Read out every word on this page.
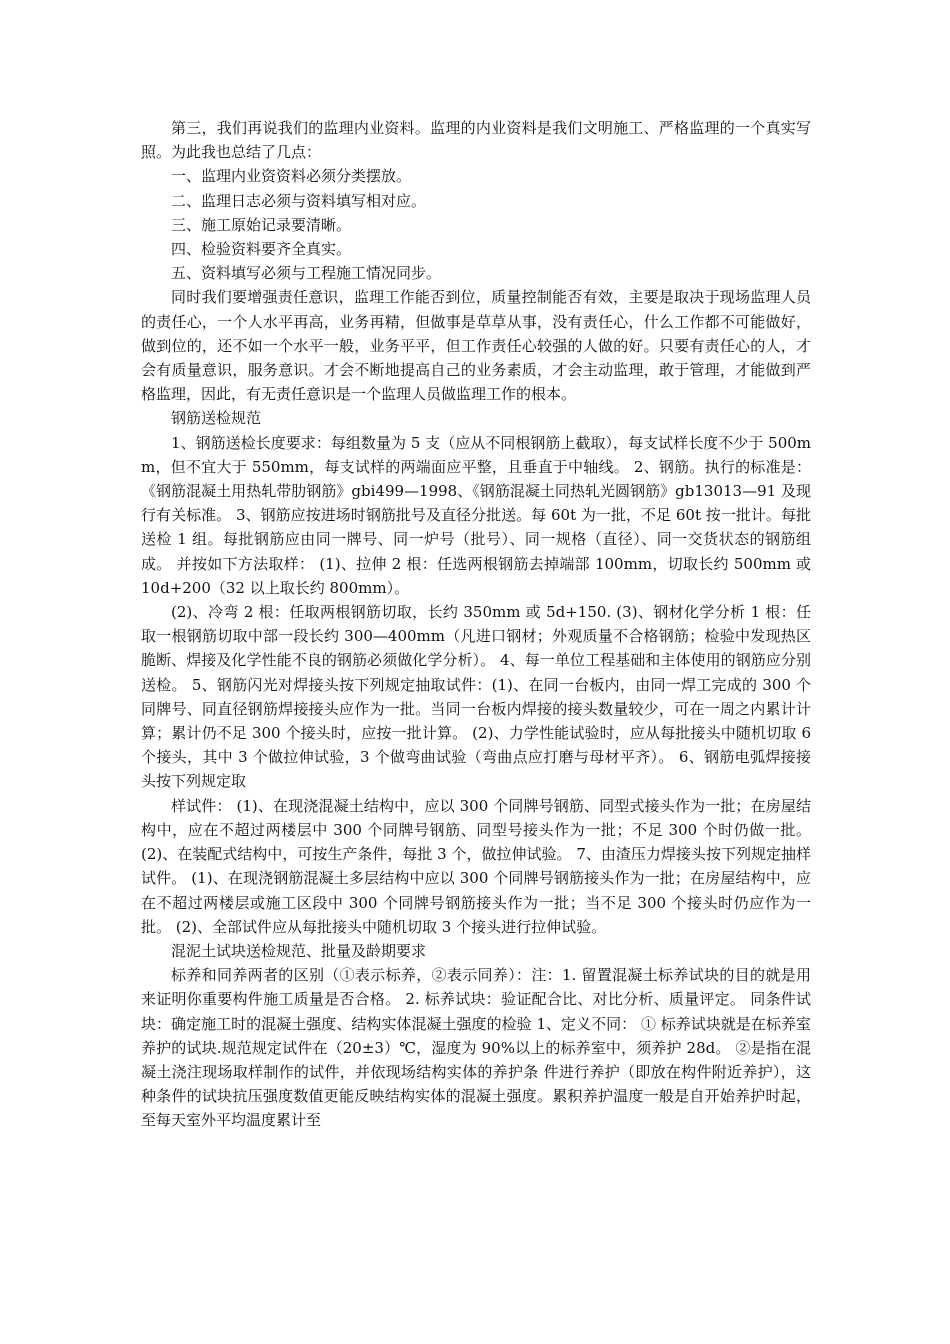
第三，我们再说我们的监理内业资料。监理的内业资料是我们文明施工、严格监理的一个真实写照。为此我也总结了几点：

一、监理内业资资料必须分类摆放。

二、监理日志必须与资料填写相对应。

三、施工原始记录要清晰。

四、检验资料要齐全真实。

五、资料填写必须与工程施工情况同步。

同时我们要增强责任意识，监理工作能否到位，质量控制能否有效，主要是取决于现场监理人员的责任心，一个人水平再高，业务再精，但做事是草草从事，没有责任心，什么工作都不可能做好，做到位的，还不如一个水平一般，业务平平，但工作责任心较强的人做的好。只要有责任心的人，才会有质量意识，服务意识。才会不断地提高自己的业务素质，才会主动监理，敢于管理，才能做到严格监理，因此，有无责任意识是一个监理人员做监理工作的根本。

钢筋送检规范

1、钢筋送检长度要求：每组数量为 5 支（应从不同根钢筋上截取），每支试样长度不少于 500mm，但不宜大于 550mm，每支试样的两端面应平整，且垂直于中轴线。 2、钢筋。执行的标准是：《钢筋混凝土用热轧带肋钢筋》gbi499—1998、《钢筋混凝土同热轧光圆钢筋》gb13013—91 及现行有关标准。 3、钢筋应按进场时钢筋批号及直径分批送。每 60t 为一批，不足 60t 按一批计。每批送检 1 组。每批钢筋应由同一牌号、同一炉号（批号）、同一规格（直径）、同一交货状态的钢筋组成。 并按如下方法取样： (1)、拉伸 2 根：任选两根钢筋去掉端部 100mm，切取长约 500mm 或 10d+200（32 以上取长约 800mm）。

(2)、冷弯 2 根：任取两根钢筋切取，长约 350mm 或 5d+150. (3)、钢材化学分析 1 根：任取一根钢筋切取中部一段长约 300—400mm（凡进口钢材；外观质量不合格钢筋；检验中发现热区脆断、焊接及化学性能不良的钢筋必须做化学分析）。 4、每一单位工程基础和主体使用的钢筋应分别送检。 5、钢筋闪光对焊接头按下列规定抽取试件：(1)、在同一台板内，由同一焊工完成的 300 个同牌号、同直径钢筋焊接接头应作为一批。当同一台板内焊接的接头数量较少，可在一周之内累计计算；累计仍不足 300 个接头时，应按一批计算。 (2)、力学性能试验时，应从每批接头中随机切取 6 个接头，其中 3 个做拉伸试验，3 个做弯曲试验（弯曲点应打磨与母材平齐）。 6、钢筋电弧焊接接头按下列规定取

样试件： (1)、在现浇混凝土结构中，应以 300 个同牌号钢筋、同型式接头作为一批；在房屋结构中，应在不超过两楼层中 300 个同牌号钢筋、同型号接头作为一批；不足 300 个时仍做一批。 (2)、在装配式结构中，可按生产条件，每批 3 个，做拉伸试验。 7、由渣压力焊接头按下列规定抽样试件。 (1)、在现浇钢筋混凝土多层结构中应以 300 个同牌号钢筋接头作为一批；在房屋结构中，应在不超过两楼层或施工区段中 300 个同牌号钢筋接头作为一批；当不足 300 个接头时仍应作为一批。 (2)、全部试件应从每批接头中随机切取 3 个接头进行拉伸试验。

混泥土试块送检规范、批量及龄期要求

标养和同养两者的区别（①表示标养，②表示同养）：注：1. 留置混凝土标养试块的目的就是用来证明你重要构件施工质量是否合格。 2. 标养试块：验证配合比、对比分析、质量评定。 同条件试块：确定施工时的混凝土强度、结构实体混凝土强度的检验 1、定义不同： ① 标养试块就是在标养室养护的试块.规范规定试件在（20±3）℃，湿度为 90%以上的标养室中，须养护 28d。 ②是指在混凝土浇注现场取样制作的试件，并依现场结构实体的养护条 件进行养护（即放在构件附近养护），这种条件的试块抗压强度数值更能反映结构实体的混凝土强度。累积养护温度一般是自开始养护时起，至每天室外平均温度累计至
